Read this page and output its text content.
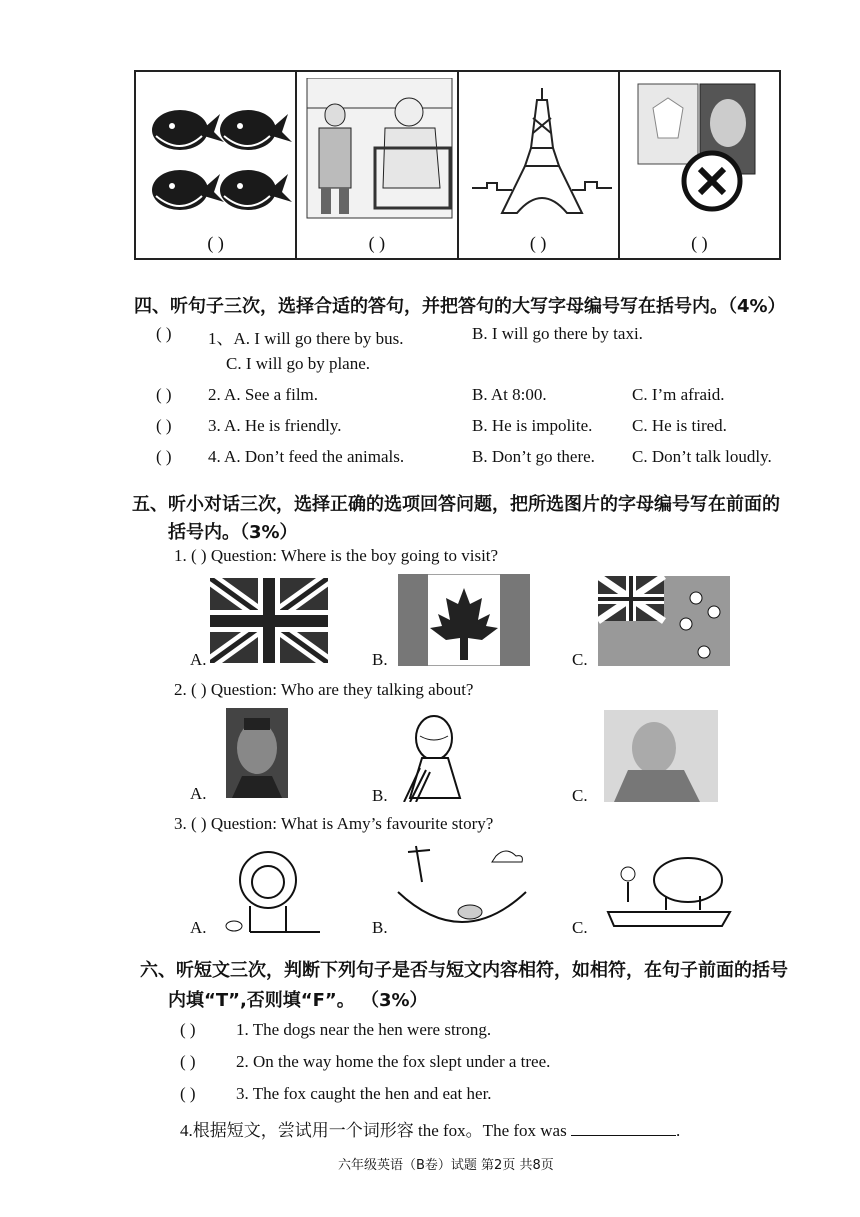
( )	( )	( )	( )
四、听句子三次，选择合适的答句，并把答句的大写字母编号写在括号内。（4%）
( ) 1、A. I will go there by bus.	B. I will go there by taxi.
C. I will go by plane.
( ) 2. A. See a film.	B. At 8:00.	C. I’m afraid.
( ) 3. A. He is friendly.	B. He is impolite. C. He is tired.
( ) 4. A. Don’t feed the animals.	B. Don’t go there. C. Don’t talk loudly.
五、听小对话三次，选择正确的选项回答问题，把所选图片的字母编号写在前面的
括号内。（3%）
1. ( ) Question: Where is the boy going to visit?
A.	B.	C.
2. ( ) Question: Who are they talking about?
A.	B.	C.
3. ( ) Question: What is Amy’s favourite story?
A.	B.	C.
六、听短文三次，判断下列句子是否与短文内容相符，如相符，在句子前面的括号
内填“T”,否则填“F”。 （3%）
( ) 1. The dogs near the hen were strong.
( ) 2. On the way home the fox slept under a tree.
( ) 3. The fox caught the hen and eat her.
4.根据短文，尝试用一个词形容 the fox。The fox was	.
六年级英语（B卷）试题 第2页 共8页
